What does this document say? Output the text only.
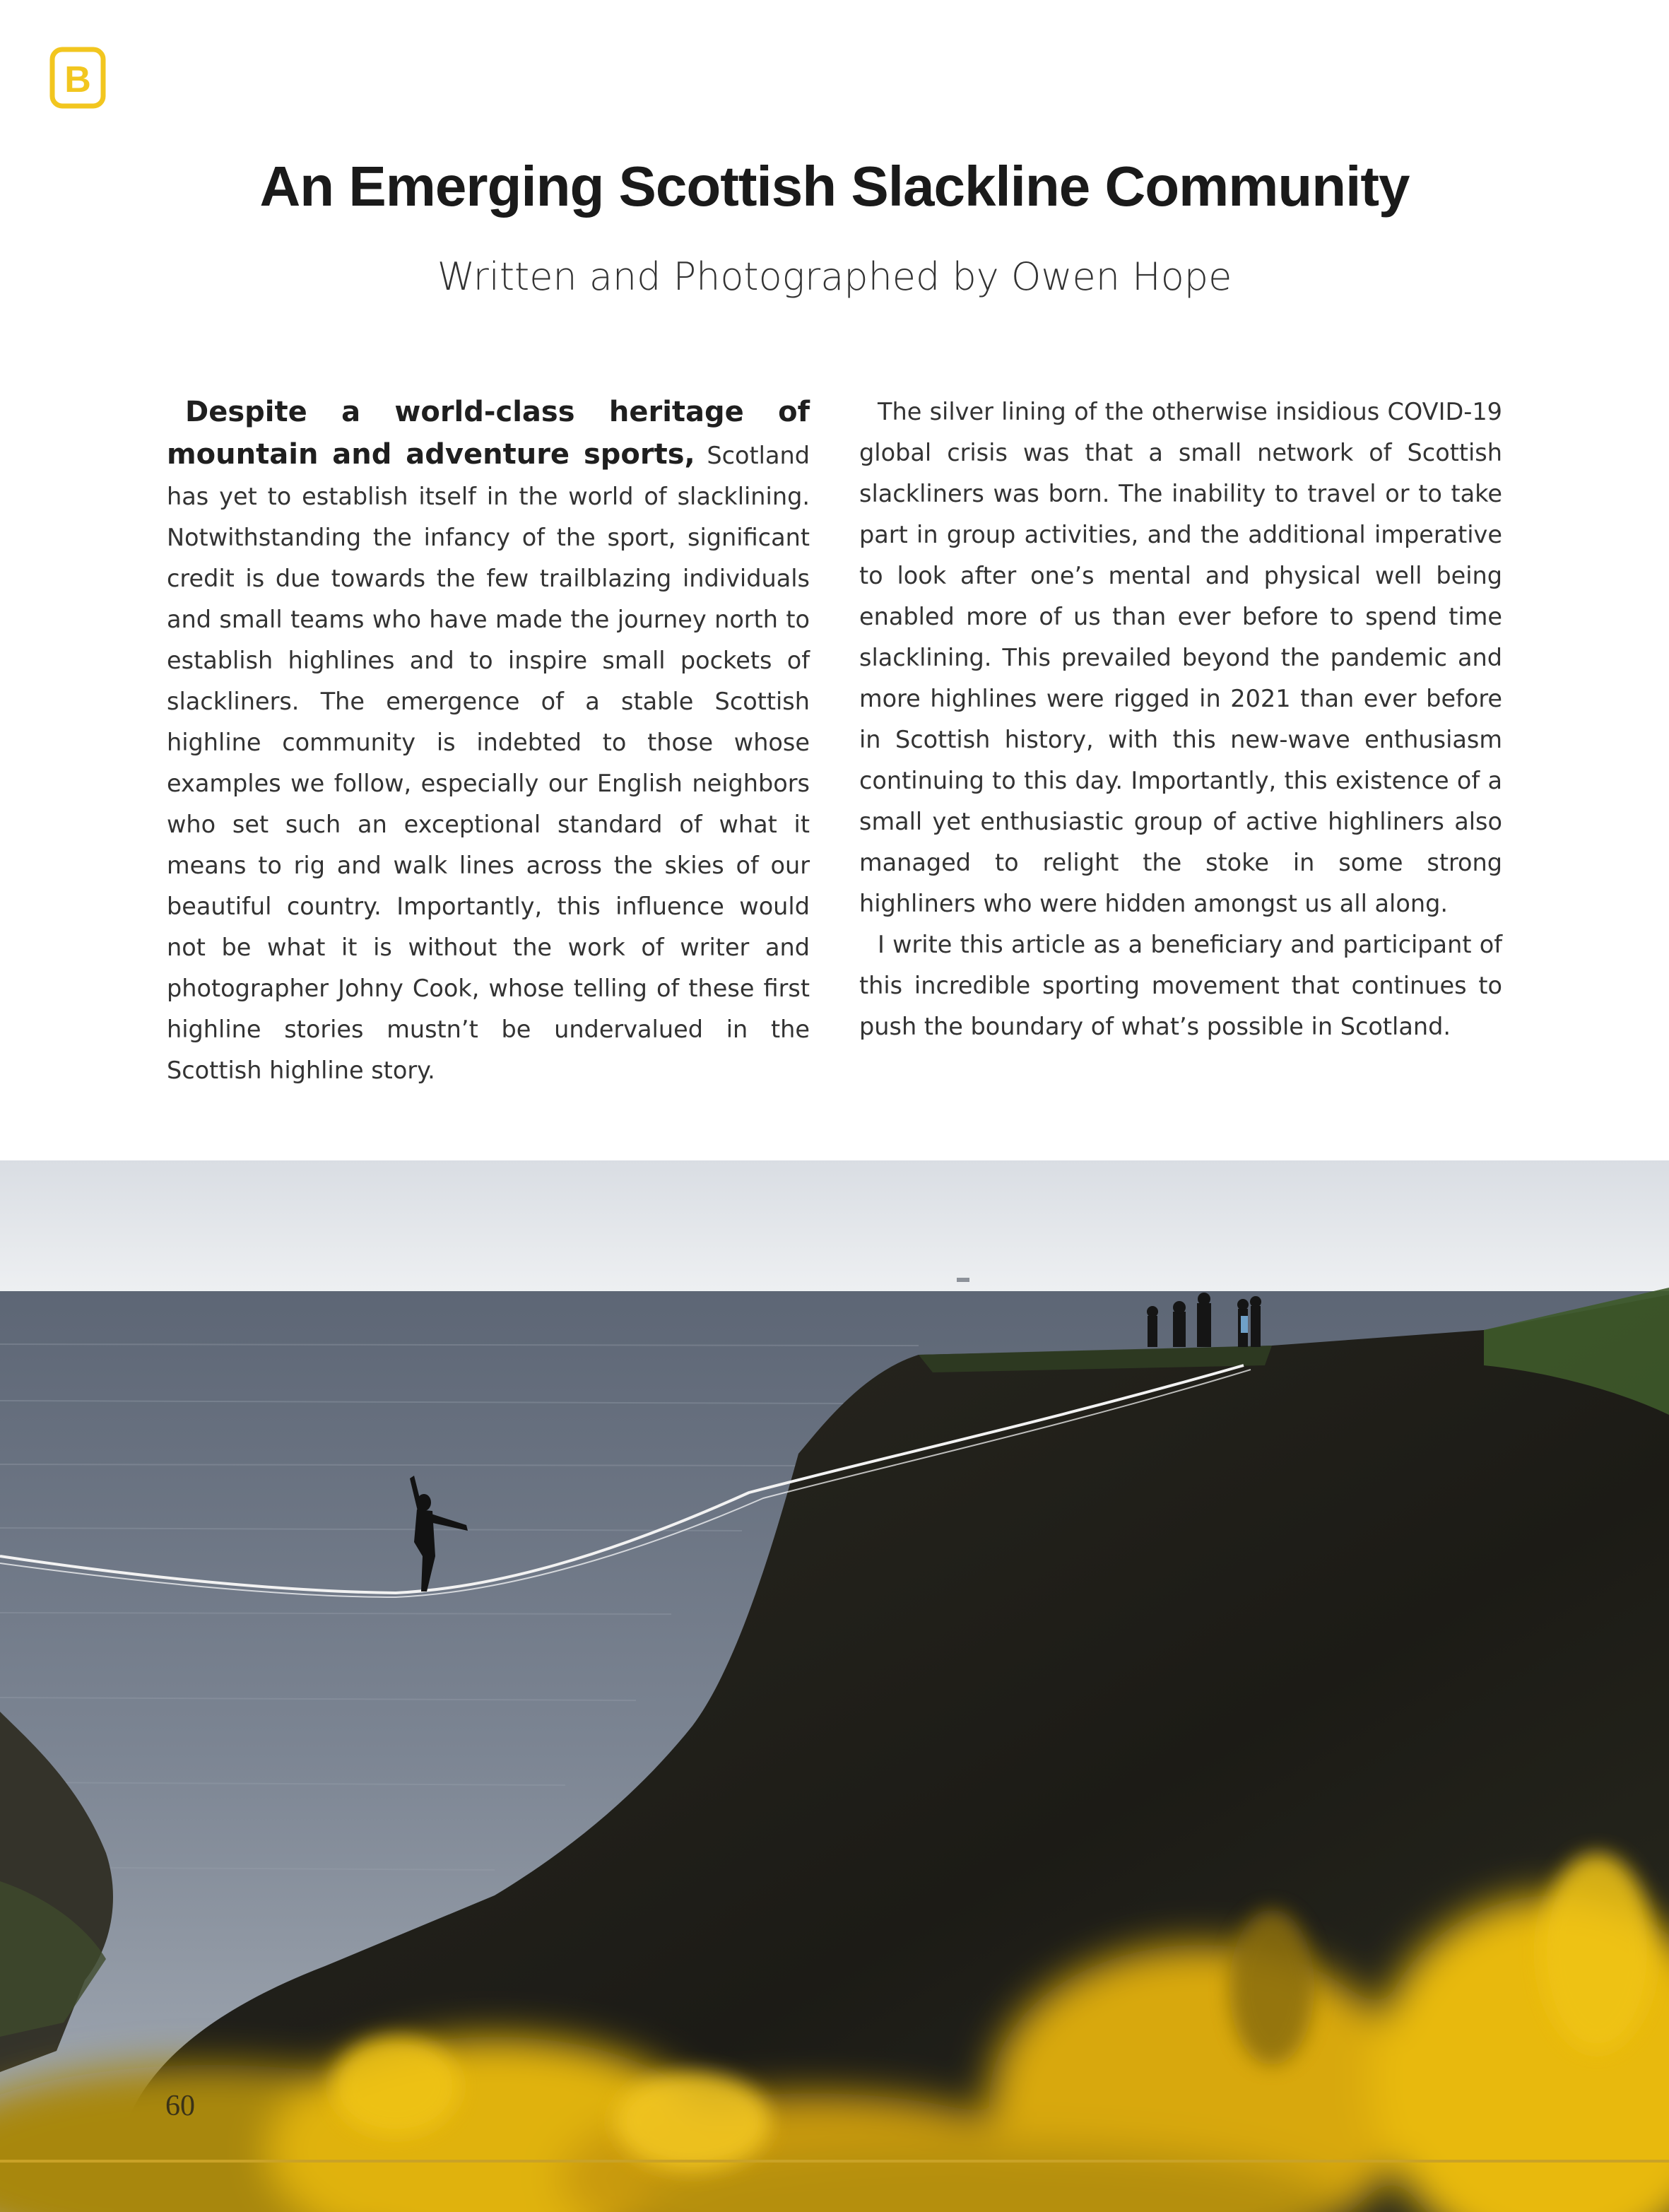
B
An Emerging Scottish Slackline Community
Written and Photographed by Owen Hope

Despite a world-class heritage of mountain and adventure sports, Scotland has yet to establish itself in the world of slacklining. Notwithstanding the infancy of the sport, significant credit is due towards the few trailblazing individuals and small teams who have made the journey north to establish highlines and to inspire small pockets of slackliners. The emergence of a stable Scottish highline community is indebted to those whose examples we follow, especially our English neighbors who set such an exceptional standard of what it means to rig and walk lines across the skies of our beautiful country. Importantly, this influence would not be what it is without the work of writer and photographer Johny Cook, whose telling of these first highline stories mustn’t be undervalued in the Scottish highline story.

The silver lining of the otherwise insidious COVID-19 global crisis was that a small network of Scottish slackliners was born. The inability to travel or to take part in group activities, and the additional imperative to look after one’s mental and physical well being enabled more of us than ever before to spend time slacklining. This prevailed beyond the pandemic and more highlines were rigged in 2021 than ever before in Scottish history, with this new-wave enthusiasm continuing to this day. Importantly, this existence of a small yet enthusiastic group of active highliners also managed to relight the stoke in some strong highliners who were hidden amongst us all along.

I write this article as a beneficiary and participant of this incredible sporting movement that continues to push the boundary of what’s possible in Scotland.

60
